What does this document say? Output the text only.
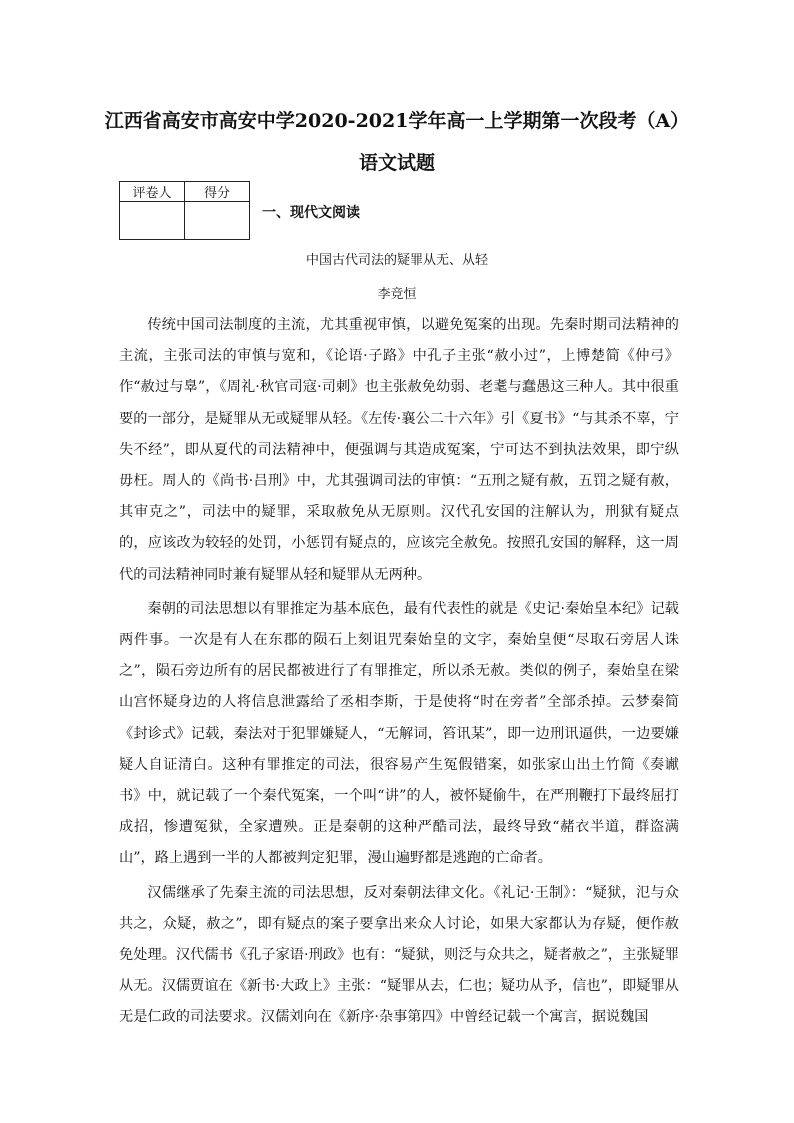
江西省高安市高安中学2020-2021学年高一上学期第一次段考（A）
语文试题
评卷人	得分

一、现代文阅读
中国古代司法的疑罪从无、从轻
李竞恒

传统中国司法制度的主流，尤其重视审慎，以避免冤案的出现。先秦时期司法精神的主流，主张司法的审慎与宽和，《论语·子路》中孔子主张“赦小过”，上博楚简《仲弓》作“赦过与辠”，《周礼·秋官司寇·司刺》也主张赦免幼弱、老耄与蠢愚这三种人。其中很重要的一部分，是疑罪从无或疑罪从轻。《左传·襄公二十六年》引《夏书》“与其杀不辜，宁失不经”，即从夏代的司法精神中，便强调与其造成冤案，宁可达不到执法效果，即宁纵毋枉。周人的《尚书·吕刑》中，尤其强调司法的审慎：“五刑之疑有赦，五罚之疑有赦，其审克之”，司法中的疑罪，采取赦免从无原则。汉代孔安国的注解认为，刑狱有疑点的，应该改为较轻的处罚，小惩罚有疑点的，应该完全赦免。按照孔安国的解释，这一周代的司法精神同时兼有疑罪从轻和疑罪从无两种。

秦朝的司法思想以有罪推定为基本底色，最有代表性的就是《史记·秦始皇本纪》记载两件事。一次是有人在东郡的陨石上刻诅咒秦始皇的文字，秦始皇便“尽取石旁居人诛之”，陨石旁边所有的居民都被进行了有罪推定，所以杀无赦。类似的例子，秦始皇在梁山宫怀疑身边的人将信息泄露给了丞相李斯，于是使将“时在旁者”全部杀掉。云梦秦简《封诊式》记载，秦法对于犯罪嫌疑人，“无解词，笞讯某”，即一边刑讯逼供，一边要嫌疑人自证清白。这种有罪推定的司法，很容易产生冤假错案，如张家山出土竹简《奏谳书》中，就记载了一个秦代冤案，一个叫“讲”的人，被怀疑偷牛，在严刑鞭打下最终屈打成招，惨遭冤狱，全家遭殃。正是秦朝的这种严酷司法，最终导致“赭衣半道，群盗满山”，路上遇到一半的人都被判定犯罪，漫山遍野都是逃跑的亡命者。

汉儒继承了先秦主流的司法思想，反对秦朝法律文化。《礼记·王制》：“疑狱，氾与众共之，众疑，赦之”，即有疑点的案子要拿出来众人讨论，如果大家都认为存疑，便作赦免处理。汉代儒书《孔子家语·刑政》也有：“疑狱，则泛与众共之，疑者赦之”，主张疑罪从无。汉儒贾谊在《新书·大政上》主张：“疑罪从去，仁也；疑功从予，信也”，即疑罪从无是仁政的司法要求。汉儒刘向在《新序·杂事第四》中曾经记载一个寓言，据说魏国
